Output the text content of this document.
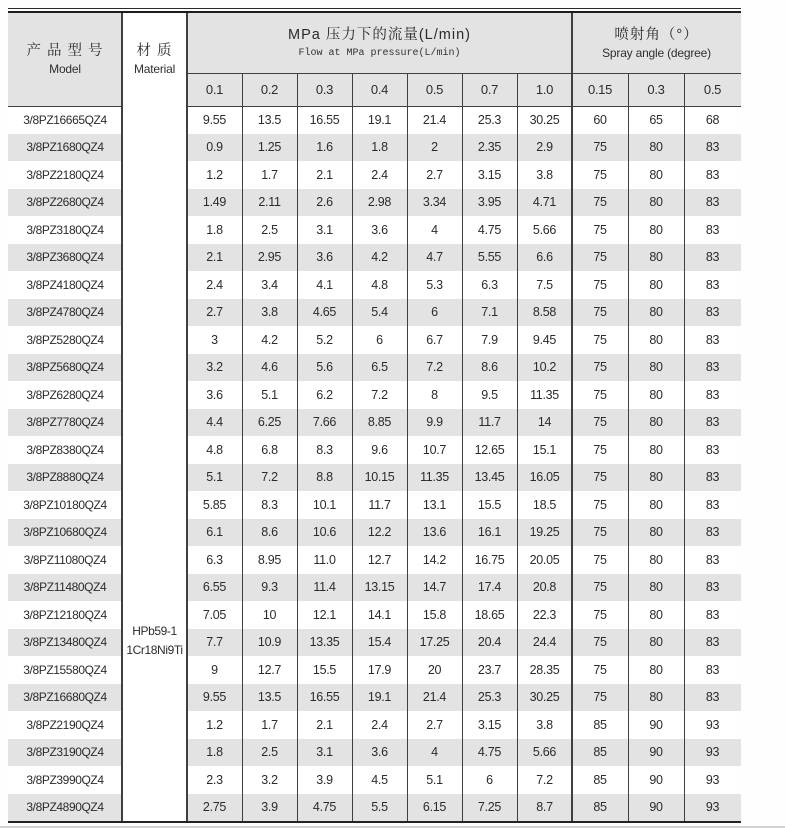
产 品 型 号
Model
材 质
Material
MPa 压力下的流量(L/min)
Flow at MPa pressure(L/min)
喷射角（°）
Spray angle (degree)
0.1	0.2	0.3	0.4	0.5	0.7	1.0	0.15	0.3	0.5
HPb59-1
1Cr18Ni9Ti
3/8PZ16665QZ4	9.55	13.5	16.55	19.1	21.4	25.3	30.25	60	65	68
3/8PZ1680QZ4	0.9	1.25	1.6	1.8	2	2.35	2.9	75	80	83
3/8PZ2180QZ4	1.2	1.7	2.1	2.4	2.7	3.15	3.8	75	80	83
3/8PZ2680QZ4	1.49	2.11	2.6	2.98	3.34	3.95	4.71	75	80	83
3/8PZ3180QZ4	1.8	2.5	3.1	3.6	4	4.75	5.66	75	80	83
3/8PZ3680QZ4	2.1	2.95	3.6	4.2	4.7	5.55	6.6	75	80	83
3/8PZ4180QZ4	2.4	3.4	4.1	4.8	5.3	6.3	7.5	75	80	83
3/8PZ4780QZ4	2.7	3.8	4.65	5.4	6	7.1	8.58	75	80	83
3/8PZ5280QZ4	3	4.2	5.2	6	6.7	7.9	9.45	75	80	83
3/8PZ5680QZ4	3.2	4.6	5.6	6.5	7.2	8.6	10.2	75	80	83
3/8PZ6280QZ4	3.6	5.1	6.2	7.2	8	9.5	11.35	75	80	83
3/8PZ7780QZ4	4.4	6.25	7.66	8.85	9.9	11.7	14	75	80	83
3/8PZ8380QZ4	4.8	6.8	8.3	9.6	10.7	12.65	15.1	75	80	83
3/8PZ8880QZ4	5.1	7.2	8.8	10.15	11.35	13.45	16.05	75	80	83
3/8PZ10180QZ4	5.85	8.3	10.1	11.7	13.1	15.5	18.5	75	80	83
3/8PZ10680QZ4	6.1	8.6	10.6	12.2	13.6	16.1	19.25	75	80	83
3/8PZ11080QZ4	6.3	8.95	11.0	12.7	14.2	16.75	20.05	75	80	83
3/8PZ11480QZ4	6.55	9.3	11.4	13.15	14.7	17.4	20.8	75	80	83
3/8PZ12180QZ4	7.05	10	12.1	14.1	15.8	18.65	22.3	75	80	83
3/8PZ13480QZ4	7.7	10.9	13.35	15.4	17.25	20.4	24.4	75	80	83
3/8PZ15580QZ4	9	12.7	15.5	17.9	20	23.7	28.35	75	80	83
3/8PZ16680QZ4	9.55	13.5	16.55	19.1	21.4	25.3	30.25	75	80	83
3/8PZ2190QZ4	1.2	1.7	2.1	2.4	2.7	3.15	3.8	85	90	93
3/8PZ3190QZ4	1.8	2.5	3.1	3.6	4	4.75	5.66	85	90	93
3/8PZ3990QZ4	2.3	3.2	3.9	4.5	5.1	6	7.2	85	90	93
3/8PZ4890QZ4	2.75	3.9	4.75	5.5	6.15	7.25	8.7	85	90	93
